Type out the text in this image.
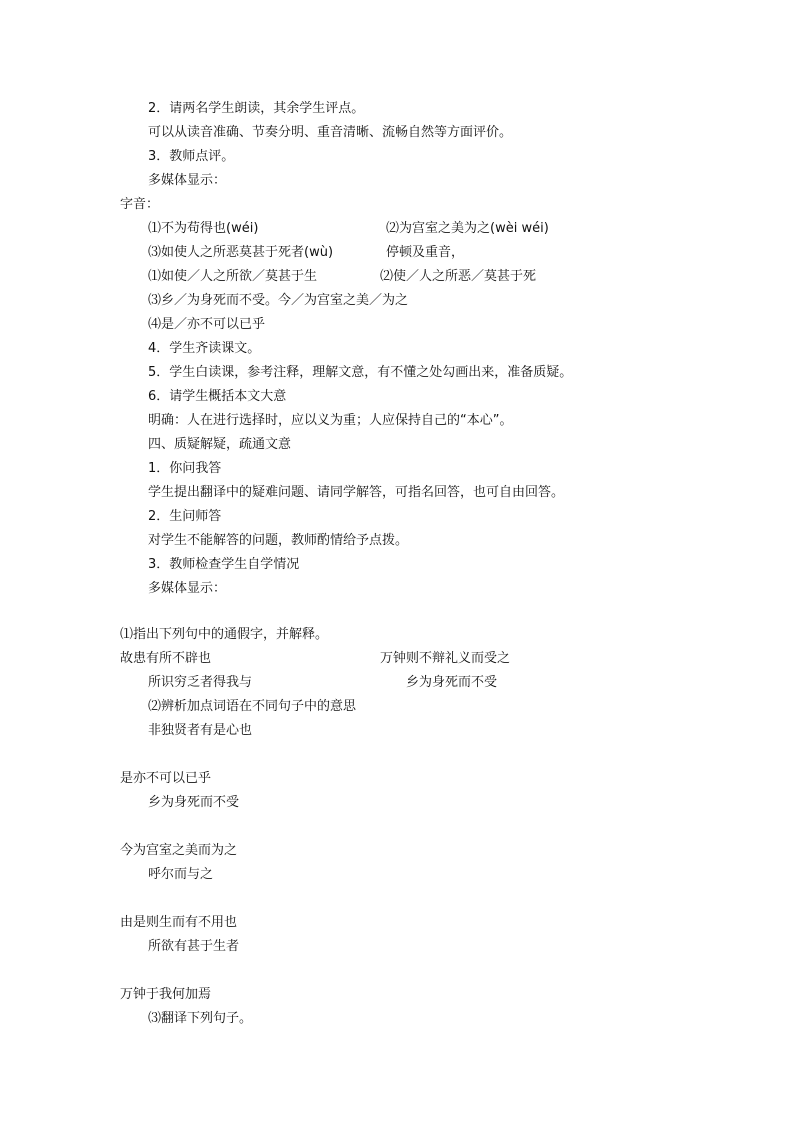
2．请两名学生朗读，其余学生评点。
可以从读音准确、节奏分明、重音清晰、流畅自然等方面评价。
3．教师点评。
多媒体显示：
字音：
⑴不为苟得也(wéi)	⑵为宫室之美为之(wèi wéi)
⑶如使人之所恶莫甚于死者(wù)	停顿及重音，
⑴如使／人之所欲／莫甚于生	⑵使／人之所恶／莫甚于死
⑶乡／为身死而不受。今／为宫室之美／为之
⑷是／亦不可以已乎
4．学生齐读课文。
5．学生白读课，参考注释，理解文意，有不懂之处勾画出来，准备质疑。
6．请学生概括本文大意
明确：人在进行选择时，应以义为重；人应保持自己的“本心”。
四、质疑解疑，疏通文意
1．你问我答
学生提出翻译中的疑难问题、请同学解答，可指名回答，也可自由回答。
2．生问师答
对学生不能解答的问题，教师酌情给予点拨。
3．教师检查学生自学情况
多媒体显示：
⑴指出下列句中的通假字，并解释。
故患有所不辟也	万钟则不辩礼义而受之
所识穷乏者得我与	乡为身死而不受
⑵辨析加点词语在不同句子中的意思
非独贤者有是心也
是亦不可以已乎
乡为身死而不受
今为宫室之美而为之
呼尔而与之
由是则生而有不用也
所欲有甚于生者
万钟于我何加焉
⑶翻译下列句子。
